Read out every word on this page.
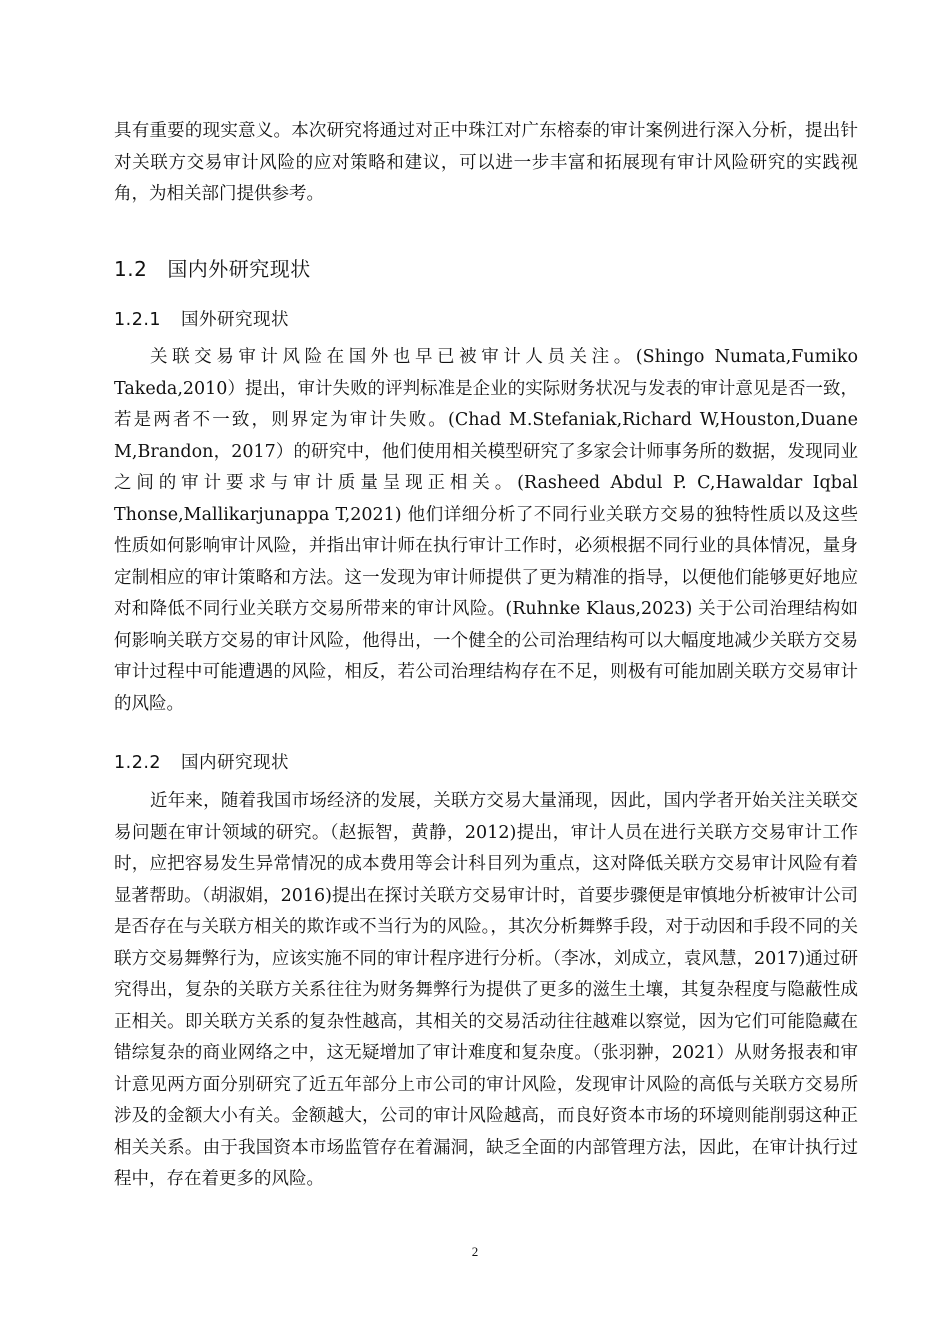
具有重要的现实意义。本次研究将通过对正中珠江对广东榕泰的审计案例进行深入分析，提出针对关联方交易审计风险的应对策略和建议，可以进一步丰富和拓展现有审计风险研究的实践视角，为相关部门提供参考。

1.2 国内外研究现状
1.2.1 国外研究现状

关联交易审计风险在国外也早已被审计人员关注。(Shingo Numata,Fumiko Takeda,2010）提出，审计失败的评判标准是企业的实际财务状况与发表的审计意见是否一致，若是两者不一致，则界定为审计失败。(Chad M.Stefaniak,Richard W,Houston,Duane M,Brandon，2017）的研究中，他们使用相关模型研究了多家会计师事务所的数据，发现同业之间的审计要求与审计质量呈现正相关。(Rasheed Abdul P. C,Hawaldar Iqbal Thonse,Mallikarjunappa T,2021) 他们详细分析了不同行业关联方交易的独特性质以及这些性质如何影响审计风险，并指出审计师在执行审计工作时，必须根据不同行业的具体情况，量身定制相应的审计策略和方法。这一发现为审计师提供了更为精准的指导，以便他们能够更好地应对和降低不同行业关联方交易所带来的审计风险。(Ruhnke Klaus,2023) 关于公司治理结构如何影响关联方交易的审计风险，他得出，一个健全的公司治理结构可以大幅度地减少关联方交易审计过程中可能遭遇的风险，相反，若公司治理结构存在不足，则极有可能加剧关联方交易审计的风险。

1.2.2 国内研究现状

近年来，随着我国市场经济的发展，关联方交易大量涌现，因此，国内学者开始关注关联交易问题在审计领域的研究。（赵振智，黄静，2012)提出，审计人员在进行关联方交易审计工作时，应把容易发生异常情况的成本费用等会计科目列为重点，这对降低关联方交易审计风险有着显著帮助。（胡淑娟，2016)提出在探讨关联方交易审计时，首要步骤便是审慎地分析被审计公司是否存在与关联方相关的欺诈或不当行为的风险。，其次分析舞弊手段，对于动因和手段不同的关联方交易舞弊行为，应该实施不同的审计程序进行分析。（李冰，刘成立，袁风慧，2017)通过研究得出，复杂的关联方关系往往为财务舞弊行为提供了更多的滋生土壤，其复杂程度与隐蔽性成正相关。即关联方关系的复杂性越高，其相关的交易活动往往越难以察觉，因为它们可能隐藏在错综复杂的商业网络之中，这无疑增加了审计难度和复杂度。（张羽翀，2021）从财务报表和审计意见两方面分别研究了近五年部分上市公司的审计风险，发现审计风险的高低与关联方交易所涉及的金额大小有关。金额越大，公司的审计风险越高，而良好资本市场的环境则能削弱这种正相关关系。由于我国资本市场监管存在着漏洞，缺乏全面的内部管理方法，因此，在审计执行过程中，存在着更多的风险。

2
